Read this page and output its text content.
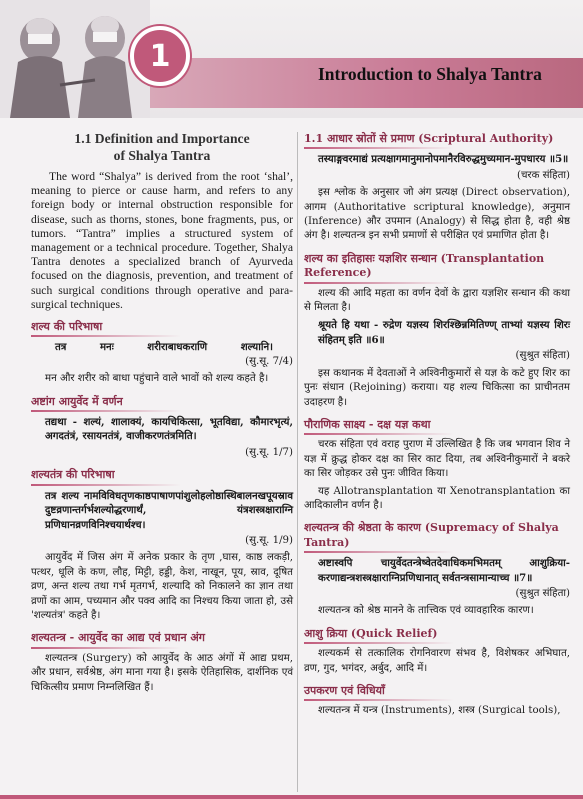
1
Introduction to Shalya Tantra
1.1 Definition and Importance
of Shalya Tantra

The word “Shalya” is derived from the root ‘shal’, meaning to pierce or cause harm, and refers to any foreign body or internal obstruction responsible for disease, such as thorns, stones, bone fragments, pus, or tumors. “Tantra” implies a structured system of management or a technical procedure. Together, Shalya Tantra denotes a specialized branch of Ayurveda focused on the diagnosis, prevention, and treatment of such surgical conditions through operative and para-surgical techniques.

शल्य की परिभाषा
तत्र	मनः	शरीराबाधकराणि	शल्यानि।
(सु.सू. 7/4)
मन और शरीर को बाधा पहुंचाने वाले भावों को शल्य कहते है।
अष्टांग आयुर्वेद में वर्णन
तद्यथा - शल्यं, शालाक्यं, कायचिकित्सा, भूतविद्या, कौमारभृत्यं, अगदतंत्रं, रसायनतंत्रं, वाजीकरणतंत्रमिति।
(सु.सू. 1/7)
शल्यतंत्र की परिभाषा
तत्र शल्य नामविविधतृणकाष्ठपाषाणपांशुलोहलोष्ठास्थिबालनखपूयस्राव दुष्टव्रणान्तर्गर्भशल्योद्धरणार्थं, यंत्रशस्त्रक्षाराग्नि प्रणिधानव्रणविनिश्चयार्थश्च।
(सु.सू. 1/9)
आयुर्वेद में जिस अंग में अनेक प्रकार के तृण ,घास, काष्ठ लकड़ी, पत्थर, धूलि के कण, लौह, मिट्टी, हड्डी, केश, नाखून, पूय, स्राव, दूषित व्रण, अन्त शल्य तथा गर्भ मृतगर्भ, शल्यादि को निकालने का ज्ञान तथा व्रणों का आम, पच्यमान और पक्व आदि का निश्चय किया जाता हो, उसे 'शल्यतंत्र' कहते है।
शल्यतन्त्र - आयुर्वेद का आद्य एवं प्रधान अंग
शल्यतन्त्र (Surgery) को आयुर्वेद के आठ अंगों में आद्य प्रथम, और प्रधान, सर्वश्रेष्ठ, अंग माना गया है। इसके ऐतिहासिक, दार्शनिक एवं चिकित्सीय प्रमाण निम्नलिखित हैं।
1.1 आधार स्रोतों से प्रमाण (Scriptural Authority)
तस्याङ्गवरमाद्यं प्रत्यक्षागमानुमानोपमानैरविरुद्धमुच्यमान-मुपधारय ॥5॥
(चरक संहिता)
इस श्लोक के अनुसार जो अंग प्रत्यक्ष (Direct observation), आगम (Authoritative scriptural knowledge), अनुमान (Inference) और उपमान (Analogy) से सिद्ध होता है, वही श्रेष्ठ अंग है। शल्यतन्त्र इन सभी प्रमाणों से परीक्षित एवं प्रमाणित होता है।
शल्य का इतिहासः यज्ञशिर सन्धान (Transplantation Reference)
शल्य की आदि महता का वर्णन देवों के द्वारा यज्ञशिर सन्धान की कथा से मिलता है।
श्रूयते हि यथा - रुद्रेण यज्ञस्य शिरश्छिन्नमितिण्ण् ताभ्यां यज्ञस्य शिरः संहितम् इति ॥6॥
(सुश्रुत संहिता)
इस कथानक में देवताओं ने अश्विनीकुमारों से यज्ञ के कटे हुए शिर का पुनः संधान (Rejoining) कराया। यह शल्य चिकित्सा का प्राचीनतम उदाहरण है।
पौराणिक साक्ष्य - दक्ष यज्ञ कथा
चरक संहिता एवं वराह पुराण में उल्लिखित है कि जब भगवान शिव ने यज्ञ में क्रुद्ध होकर दक्ष का सिर काट दिया, तब अश्विनीकुमारों ने बकरे का सिर जोड़कर उसे पुनः जीवित किया।
यह Allotransplantation या Xenotransplantation का आदिकालीन वर्णन है।
शल्यतन्त्र की श्रेष्ठता के कारण (Supremacy of Shalya Tantra)
अष्टास्वपि चायुर्वेदतन्त्रेष्वेतदेवाधिकमभिमतम् आशुक्रिया-करणाद्यन्त्रशस्त्रक्षाराग्निप्रणिधानात् सर्वतन्त्रसामान्याच्च ॥7॥
(सुश्रुत संहिता)
शल्यतन्त्र को श्रेष्ठ मानने के तात्त्विक एवं व्यावहारिक कारण।
आशु क्रिया (Quick Relief)
शल्यकर्म से तत्कालिक रोगनिवारण संभव है, विशेषकर अभिघात, व्रण, गुद, भगंदर, अर्बुद, आदि में।
उपकरण एवं विधियाँ
शल्यतन्त्र में यन्त्र (Instruments), शस्त्र (Surgical tools),
